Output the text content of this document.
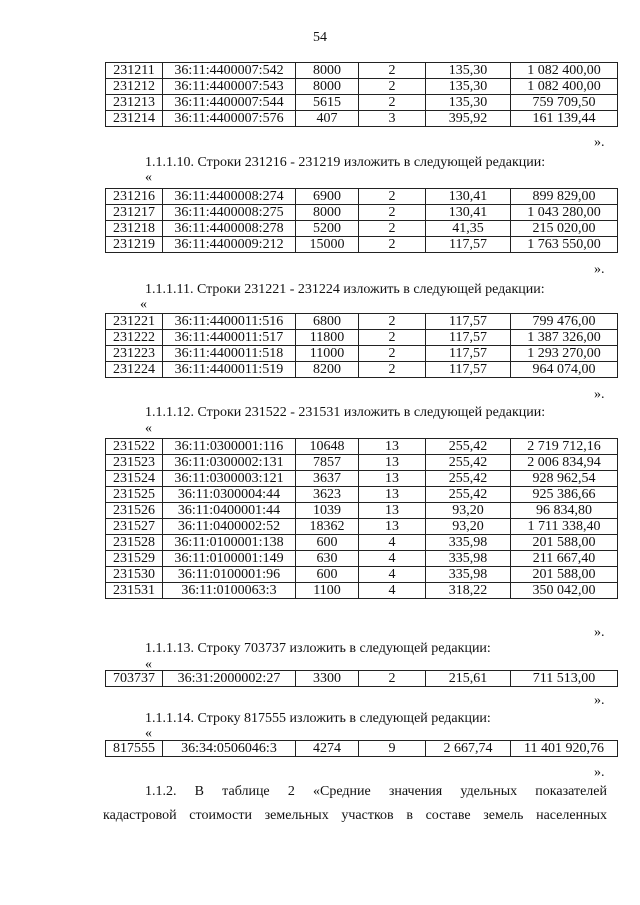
54
231211	36:11:4400007:542	8000	2	135,30	1 082 400,00
231212	36:11:4400007:543	8000	2	135,30	1 082 400,00
231213	36:11:4400007:544	5615	2	135,30	759 709,50
231214	36:11:4400007:576	407	3	395,92	161 139,44
».
1.1.1.10. Строки 231216 - 231219 изложить в следующей редакции:
«
231216	36:11:4400008:274	6900	2	130,41	899 829,00
231217	36:11:4400008:275	8000	2	130,41	1 043 280,00
231218	36:11:4400008:278	5200	2	41,35	215 020,00
231219	36:11:4400009:212	15000	2	117,57	1 763 550,00
».
1.1.1.11. Строки 231221 - 231224 изложить в следующей редакции:
«
231221	36:11:4400011:516	6800	2	117,57	799 476,00
231222	36:11:4400011:517	11800	2	117,57	1 387 326,00
231223	36:11:4400011:518	11000	2	117,57	1 293 270,00
231224	36:11:4400011:519	8200	2	117,57	964 074,00
».
1.1.1.12. Строки 231522 - 231531 изложить в следующей редакции:
«
231522	36:11:0300001:116	10648	13	255,42	2 719 712,16
231523	36:11:0300002:131	7857	13	255,42	2 006 834,94
231524	36:11:0300003:121	3637	13	255,42	928 962,54
231525	36:11:0300004:44	3623	13	255,42	925 386,66
231526	36:11:0400001:44	1039	13	93,20	96 834,80
231527	36:11:0400002:52	18362	13	93,20	1 711 338,40
231528	36:11:0100001:138	600	4	335,98	201 588,00
231529	36:11:0100001:149	630	4	335,98	211 667,40
231530	36:11:0100001:96	600	4	335,98	201 588,00
231531	36:11:0100063:3	1100	4	318,22	350 042,00
».
1.1.1.13. Строку 703737 изложить в следующей редакции:
«
703737	36:31:2000002:27	3300	2	215,61	711 513,00
».
1.1.1.14. Строку 817555 изложить в следующей редакции:
«
817555	36:34:0506046:3	4274	9	2 667,74	11 401 920,76
».
1.1.2. В таблице 2 «Средние значения удельных показателей
кадастровой стоимости земельных участков в составе земель населенных
